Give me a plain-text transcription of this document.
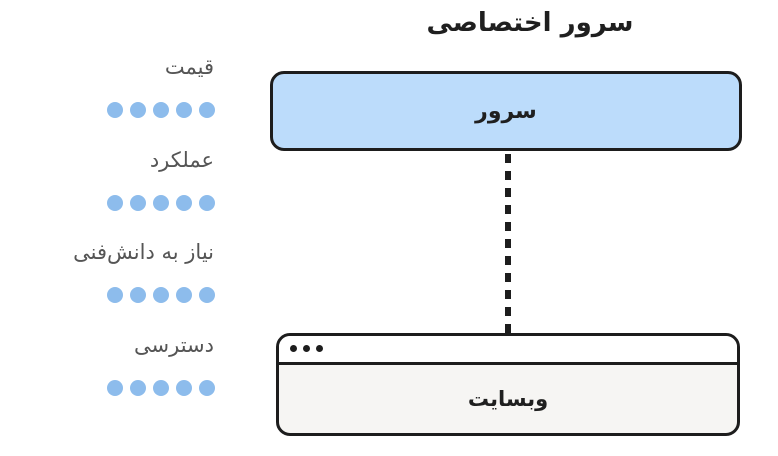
سرور اختصاصی
قیمت
عملکرد
نیاز به دانش‌فنی
دسترسی
سرور
وبسایت
